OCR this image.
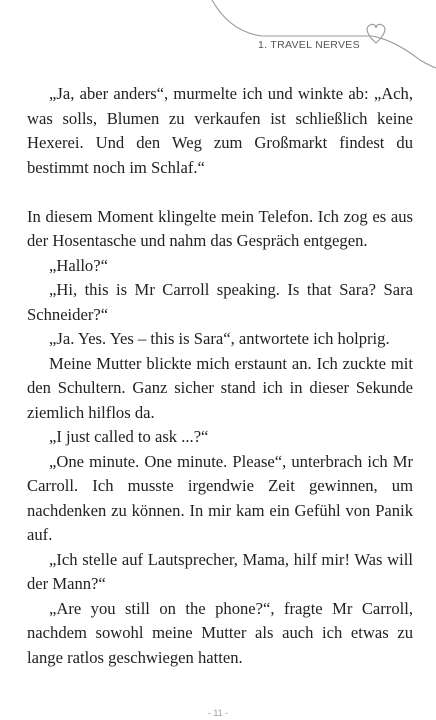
1. TRAVEL NERVES

„Ja, aber anders“, murmelte ich und winkte ab: „Ach, was solls, Blumen zu verkaufen ist schließlich keine Hexerei. Und den Weg zum Großmarkt findest du bestimmt noch im Schlaf.“

In diesem Moment klingelte mein Telefon. Ich zog es aus der Hosentasche und nahm das Gespräch entgegen.

„Hallo?“

„Hi, this is Mr Carroll speaking. Is that Sara? Sara Schneider?“

„Ja. Yes. Yes – this is Sara“, antwortete ich holprig.

Meine Mutter blickte mich erstaunt an. Ich zuckte mit den Schultern. Ganz sicher stand ich in dieser Sekunde ziemlich hilflos da.

„I just called to ask ...?“

„One minute. One minute. Please“, unterbrach ich Mr Carroll. Ich musste irgendwie Zeit gewinnen, um nachdenken zu können. In mir kam ein Gefühl von Panik auf.

„Ich stelle auf Lautsprecher, Mama, hilf mir! Was will der Mann?“

„Are you still on the phone?“, fragte Mr Carroll, nachdem sowohl meine Mutter als auch ich etwas zu lange ratlos geschwiegen hatten.

- 11 -
